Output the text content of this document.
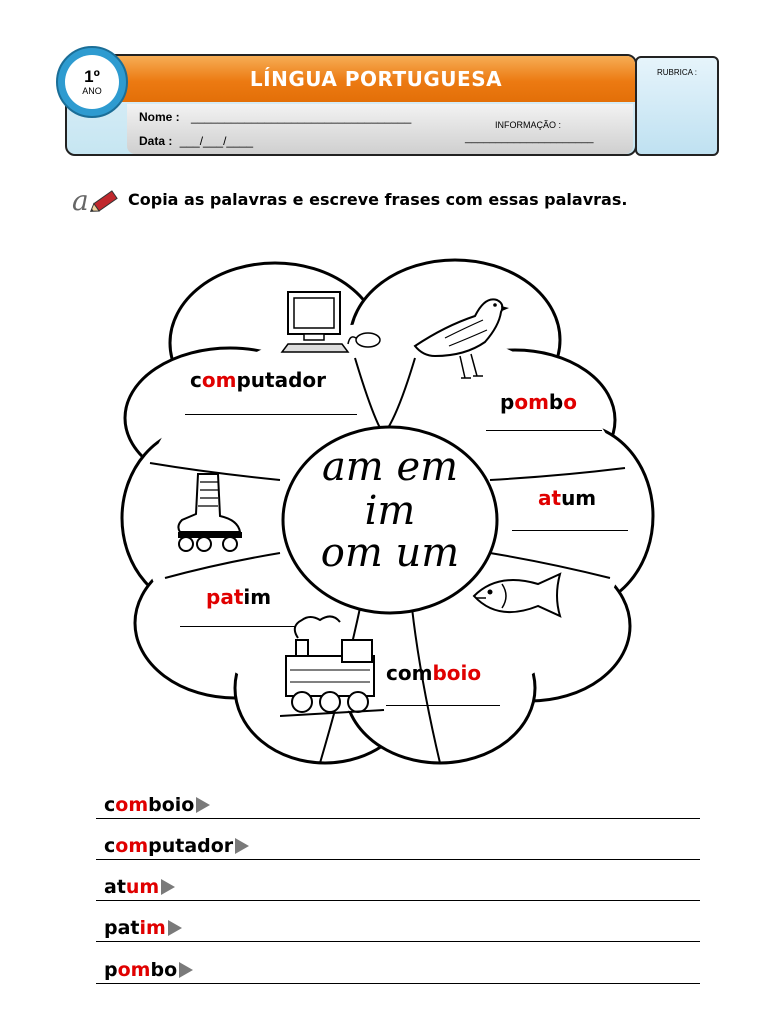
LÍNGUA PORTUGUESA
Nome : _________________________________
Data : ___/___/____
INFORMAÇÃO :
_____________________
RUBRICA :
1º
ANO
a Copia as palavras e escreve frases com essas palavras.
am em
im
om um
computador
pombo
atum
comboio
patim
c om boio
c om putador
at um
pat im
p om bo
